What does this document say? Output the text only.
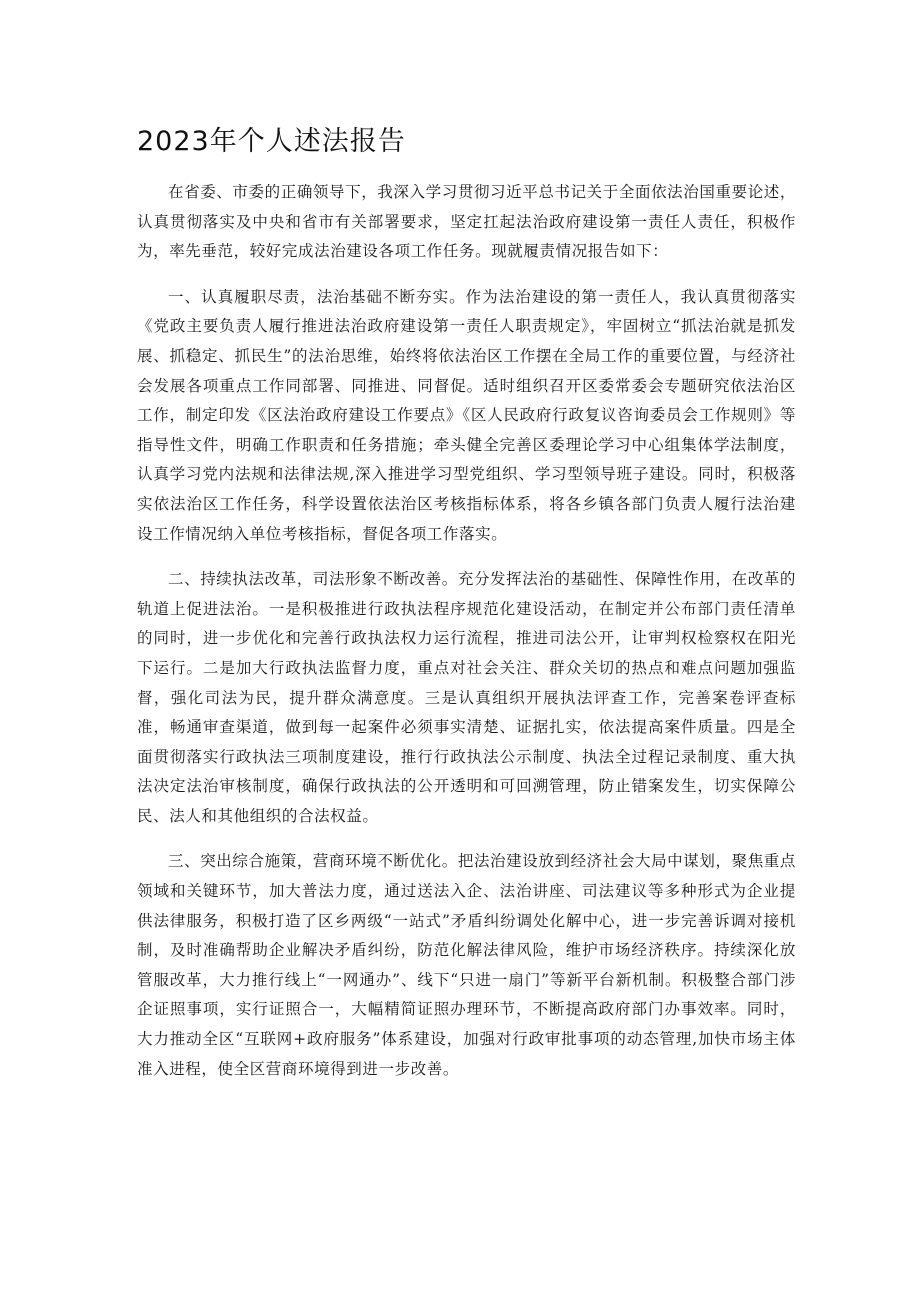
2023年个人述法报告

在省委、市委的正确领导下，我深入学习贯彻习近平总书记关于全面依法治国重要论述，认真贯彻落实及中央和省市有关部署要求，坚定扛起法治政府建设第一责任人责任，积极作为，率先垂范，较好完成法治建设各项工作任务。现就履责情况报告如下：

一、认真履职尽责，法治基础不断夯实。作为法治建设的第一责任人，我认真贯彻落实《党政主要负责人履行推进法治政府建设第一责任人职责规定》，牢固树立“抓法治就是抓发展、抓稳定、抓民生”的法治思维，始终将依法治区工作摆在全局工作的重要位置，与经济社会发展各项重点工作同部署、同推进、同督促。适时组织召开区委常委会专题研究依法治区工作，制定印发《区法治政府建设工作要点》《区人民政府行政复议咨询委员会工作规则》等指导性文件，明确工作职责和任务措施；牵头健全完善区委理论学习中心组集体学法制度，认真学习党内法规和法律法规,深入推进学习型党组织、学习型领导班子建设。同时，积极落实依法治区工作任务，科学设置依法治区考核指标体系，将各乡镇各部门负责人履行法治建设工作情况纳入单位考核指标，督促各项工作落实。

二、持续执法改革，司法形象不断改善。充分发挥法治的基础性、保障性作用，在改革的轨道上促进法治。一是积极推进行政执法程序规范化建设活动，在制定并公布部门责任清单的同时，进一步优化和完善行政执法权力运行流程，推进司法公开，让审判权检察权在阳光下运行。二是加大行政执法监督力度，重点对社会关注、群众关切的热点和难点问题加强监督，强化司法为民，提升群众满意度。三是认真组织开展执法评查工作，完善案卷评查标准，畅通审查渠道，做到每一起案件必须事实清楚、证据扎实，依法提高案件质量。四是全面贯彻落实行政执法三项制度建设，推行行政执法公示制度、执法全过程记录制度、重大执法决定法治审核制度，确保行政执法的公开透明和可回溯管理，防止错案发生，切实保障公民、法人和其他组织的合法权益。

三、突出综合施策，营商环境不断优化。把法治建设放到经济社会大局中谋划，聚焦重点领域和关键环节，加大普法力度，通过送法入企、法治讲座、司法建议等多种形式为企业提供法律服务，积极打造了区乡两级“一站式”矛盾纠纷调处化解中心，进一步完善诉调对接机制，及时准确帮助企业解决矛盾纠纷，防范化解法律风险，维护市场经济秩序。持续深化放管服改革，大力推行线上“一网通办”、线下“只进一扇门”等新平台新机制。积极整合部门涉企证照事项，实行证照合一，大幅精简证照办理环节，不断提高政府部门办事效率。同时，大力推动全区“互联网+政府服务”体系建设，加强对行政审批事项的动态管理,加快市场主体准入进程，使全区营商环境得到进一步改善。
